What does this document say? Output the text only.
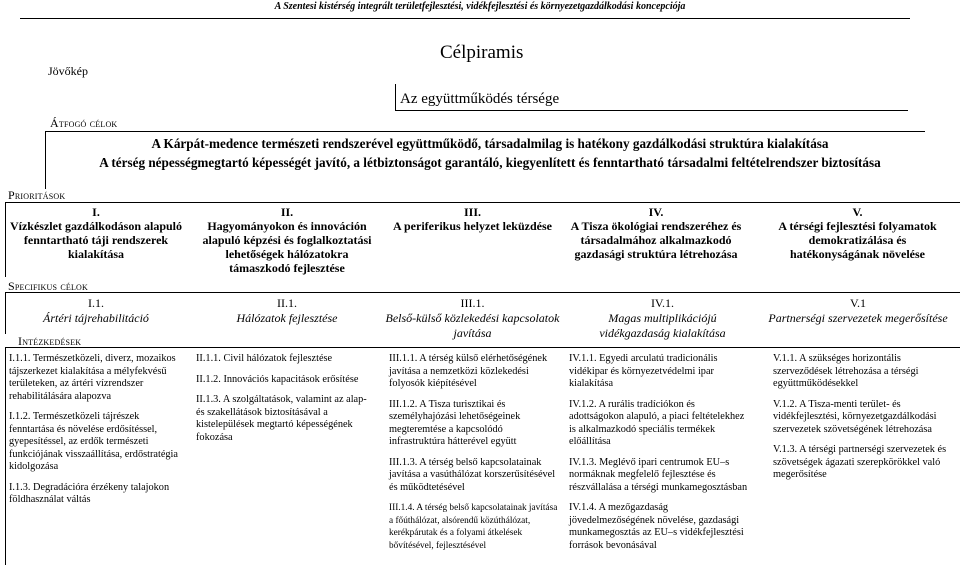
A Szentesi kistérség integrált területfejlesztési, vidékfejlesztési és környezetgazdálkodási koncepciója
Jövőkép
Célpiramis
Az együttműködés térsége
Átfogó célok
A Kárpát-medence természeti rendszerével együttműködő, társadalmilag is hatékony gazdálkodási struktúra kialakítása
A térség népességmegtartó képességét javító, a létbiztonságot garantáló, kiegyenlített és fenntartható társadalmi feltételrendszer biztosítása
Prioritások
I.
Vízkészlet gazdálkodáson alapuló fenntartható táji rendszerek kialakítása
II.
Hagyományokon és innováción alapuló képzési és foglalkoztatási lehetőségek hálózatokra támaszkodó fejlesztése
III.
A periferikus helyzet leküzdése
IV.
A Tisza ökológiai rendszeréhez és társadalmához alkalmazkodó gazdasági struktúra létrehozása
V.
A térségi fejlesztési folyamatok demokratizálása és hatékonyságának növelése
Specifikus célok
I.1.
Ártéri tájrehabilitáció
II.1.
Hálózatok fejlesztése
III.1.
Belső-külső közlekedési kapcsolatok javítása
IV.1.
Magas multiplikációjú vidékgazdaság kialakítása
V.1
Partnerségi szervezetek megerősítése
Intézkedések

I.1.1. Természetközeli, diverz, mozaikos tájszerkezet kialakítása a mélyfekvésű területeken, az ártéri vízrendszer rehabilitálására alapozva

I.1.2. Természetközeli tájrészek fenntartása és növelése erdősítéssel, gyepesítéssel, az erdők természeti funkciójának visszaállítása, erdőstratégia kidolgozása

I.1.3. Degradációra érzékeny talajokon földhasználat váltás

II.1.1. Civil hálózatok fejlesztése

II.1.2. Innovációs kapacitások erősítése

II.1.3. A szolgáltatások, valamint az alap- és szakellátások biztosításával a kistelepülések megtartó képességének fokozása

III.1.1. A térség külső elérhetőségének javítása a nemzetközi közlekedési folyosók kiépítésével

III.1.2. A Tisza turisztikai és személyhajózási lehetőségeinek megteremtése a kapcsolódó infrastruktúra hátterével együtt

III.1.3. A térség belső kapcsolatainak javítása a vasúthálózat korszerűsítésével és működtetésével

III.1.4. A térség belső kapcsolatainak javítása a főúthálózat, alsórendű közúthálózat, kerékpárutak és a folyami átkelések bővítésével, fejlesztésével

IV.1.1. Egyedi arculatú tradicionális vidékipar és környezetvédelmi ipar kialakítása

IV.1.2. A rurális tradíciókon és adottságokon alapuló, a piaci feltételekhez is alkalmazkodó speciális termékek előállítása

IV.1.3. Meglévő ipari centrumok EU–s normáknak megfelelő fejlesztése és részvállalása a térségi munkamegosztásban

IV.1.4. A mezőgazdaság jövedelmezőségének növelése, gazdasági munkamegosztás az EU–s vidékfejlesztési források bevonásával

V.1.1. A szükséges horizontális szerveződések létrehozása a térségi együttműködésekkel

V.1.2. A Tisza-menti terület- és vidékfejlesztési, környezetgazdálkodási szervezetek szövetségének létrehozása

V.1.3. A térségi partnerségi szervezetek és szövetségek ágazati szerepkörökkel való megerősítése
